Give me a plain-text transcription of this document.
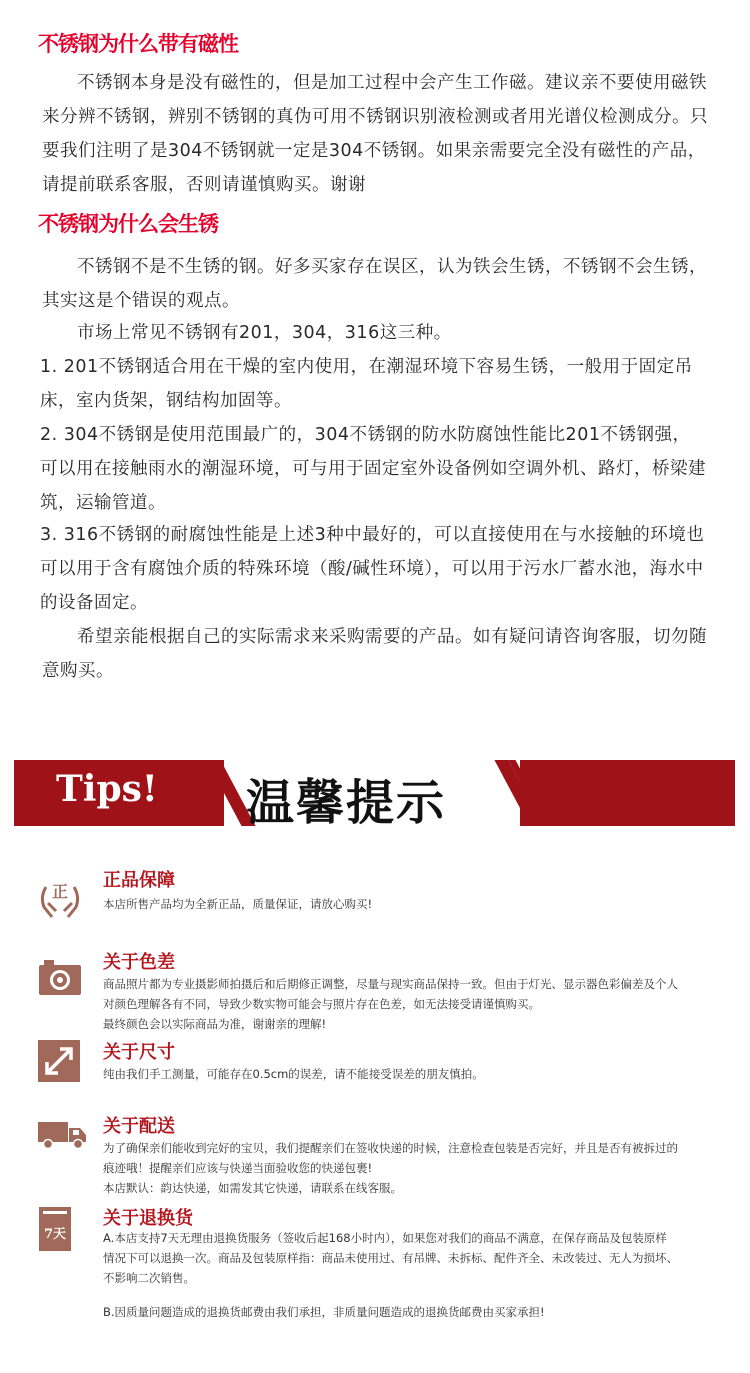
不锈钢为什么带有磁性

不锈钢本身是没有磁性的，但是加工过程中会产生工作磁。建议亲不要使用磁铁来分辨不锈钢，辨别不锈钢的真伪可用不锈钢识别液检测或者用光谱仪检测成分。只要我们注明了是304不锈钢就一定是304不锈钢。如果亲需要完全没有磁性的产品，请提前联系客服，否则请谨慎购买。谢谢

不锈钢为什么会生锈

不锈钢不是不生锈的钢。好多买家存在误区，认为铁会生锈，不锈钢不会生锈，其实这是个错误的观点。

市场上常见不锈钢有201，304，316这三种。

1. 201不锈钢适合用在干燥的室内使用，在潮湿环境下容易生锈，一般用于固定吊床，室内货架，钢结构加固等。

2. 304不锈钢是使用范围最广的，304不锈钢的防水防腐蚀性能比201不锈钢强，可以用在接触雨水的潮湿环境，可与用于固定室外设备例如空调外机、路灯，桥梁建筑，运输管道。

3. 316不锈钢的耐腐蚀性能是上述3种中最好的，可以直接使用在与水接触的环境也可以用于含有腐蚀介质的特殊环境（酸/碱性环境），可以用于污水厂蓄水池，海水中的设备固定。

希望亲能根据自己的实际需求来采购需要的产品。如有疑问请咨询客服，切勿随意购买。

Tips! 温馨提示
正
正品保障

本店所售产品均为全新正品，质量保证，请放心购买!

关于色差

商品照片都为专业摄影师拍摄后和后期修正调整，尽量与现实商品保持一致。但由于灯光、显示器色彩偏差及个人
对颜色理解各有不同，导致少数实物可能会与照片存在色差，如无法接受请谨慎购买。
最终颜色会以实际商品为准，谢谢亲的理解!

关于尺寸

纯由我们手工测量，可能存在0.5cm的误差，请不能接受误差的朋友慎拍。

关于配送

为了确保亲们能收到完好的宝贝，我们提醒亲们在签收快递的时候，注意检查包装是否完好，并且是否有被拆过的
痕迹哦！提醒亲们应该与快递当面验收您的快递包裹!
本店默认：韵达快递，如需发其它快递，请联系在线客服。

7天
关于退换货

A.本店支持7天无理由退换货服务（签收后起168小时内），如果您对我们的商品不满意，在保存商品及包装原样
情况下可以退换一次。商品及包装原样指：商品未使用过、有吊牌、未拆标、配件齐全、未改装过、无人为损坏、
不影响二次销售。

B.因质量问题造成的退换货邮费由我们承担，非质量问题造成的退换货邮费由买家承担!
